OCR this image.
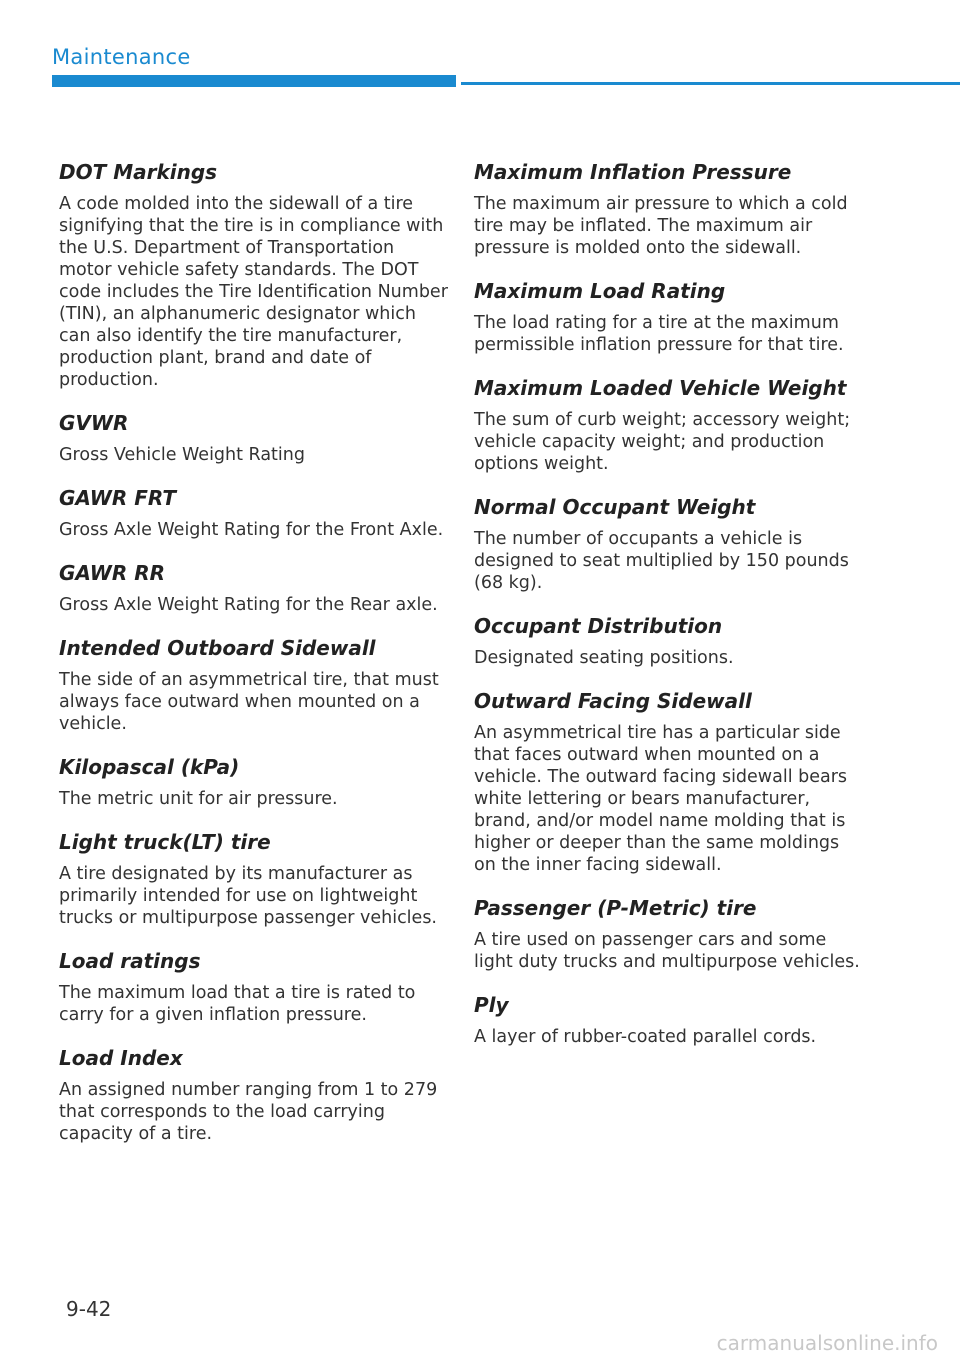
Maintenance
DOT Markings

A code molded into the sidewall of a tire signifying that the tire is in compliance with the U.S. Department of Transportation motor vehicle safety standards. The DOT code includes the Tire Identification Number (TIN), an alphanumeric designator which can also identify the tire manufacturer, production plant, brand and date of production.

GVWR

Gross Vehicle Weight Rating

GAWR FRT

Gross Axle Weight Rating for the Front Axle.

GAWR RR

Gross Axle Weight Rating for the Rear axle.

Intended Outboard Sidewall

The side of an asymmetrical tire, that must always face outward when mounted on a vehicle.

Kilopascal (kPa)

The metric unit for air pressure.

Light truck(LT) tire

A tire designated by its manufacturer as primarily intended for use on lightweight trucks or multipurpose passenger vehicles.

Load ratings

The maximum load that a tire is rated to carry for a given inflation pressure.

Load Index

An assigned number ranging from 1 to 279 that corresponds to the load carrying capacity of a tire.

Maximum Inflation Pressure

The maximum air pressure to which a cold tire may be inflated. The maximum air pressure is molded onto the sidewall.

Maximum Load Rating

The load rating for a tire at the maximum permissible inflation pressure for that tire.

Maximum Loaded Vehicle Weight

The sum of curb weight; accessory weight; vehicle capacity weight; and production options weight.

Normal Occupant Weight

The number of occupants a vehicle is designed to seat multiplied by 150 pounds (68 kg).

Occupant Distribution

Designated seating positions.

Outward Facing Sidewall

An asymmetrical tire has a particular side that faces outward when mounted on a vehicle. The outward facing sidewall bears white lettering or bears manufacturer, brand, and/or model name molding that is higher or deeper than the same moldings on the inner facing sidewall.

Passenger (P-Metric) tire

A tire used on passenger cars and some light duty trucks and multipurpose vehicles.

Ply

A layer of rubber-coated parallel cords.

9-42
carmanualsonline.info
